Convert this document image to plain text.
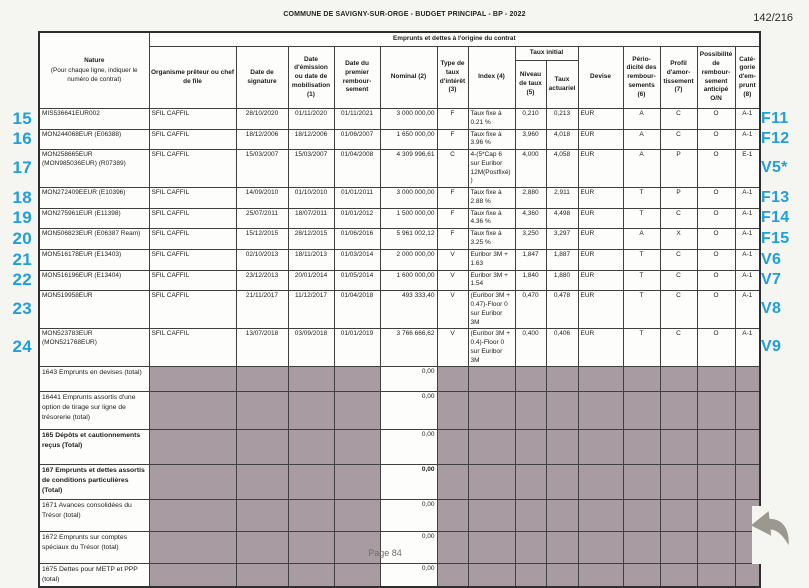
COMMUNE DE SAVIGNY-SUR-ORGE - BUDGET PRINCIPAL - BP - 2022	142/216
Nature
(Pour chaque ligne, indiquer le numéro de contrat)	Emprunts et dettes à l'origine du contrat													
	Organisme prêteur ou chef de file	Date de signature	Date d'émission ou date de mobilisation (1)	Date du premier rembour-sement	Nominal (2)	Type de taux d'intérêt (3)	Index (4)	Taux initial		Devise	Pério-dicité des rembour-sements (6)	Profil d'amor-tissement (7)	Possibilité de rembour-sement anticipé O/N	Caté-gorie d'em-prunt (8)
								Niveau de taux (5)	Taux actuariel					
MIS536641EUR002	SFIL CAFFIL	28/10/2020	01/11/2020	01/11/2021	3 000 000,00	F	Taux fixe à 0.21 %	0,210	0,213	EUR	A	C	O	A-1
MON244068EUR (E06388)	SFIL CAFFIL	18/12/2006	18/12/2006	01/06/2007	1 650 000,00	F	Taux fixe à 3.96 %	3,960	4,018	EUR	A	C	O	A-1
MON258665EUR (MON985036EUR) (R07389)	SFIL CAFFIL	15/03/2007	15/03/2007	01/04/2008	4 309 996,61	C	4-(5*Cap 6 sur Euribor 12M(Postfixé))	4,000	4,058	EUR	A	P	O	E-1
MON272409EEUR (E10396)	SFIL CAFFIL	14/09/2010	01/10/2010	01/01/2011	3 000 000,00	F	Taux fixe à 2.88 %	2,880	2,911	EUR	T	P	O	A-1
MON275961EUR (E11398)	SFIL CAFFIL	25/07/2011	18/07/2011	01/01/2012	1 500 000,00	F	Taux fixe à 4.36 %	4,360	4,498	EUR	T	C	O	A-1
MON506823EUR (E06387 Ream)	SFIL CAFFIL	15/12/2015	28/12/2015	01/06/2016	5 961 002,12	F	Taux fixe à 3.25 %	3,250	3,297	EUR	A	X	O	A-1
MON516178EUR (E13403)	SFIL CAFFIL	02/10/2013	18/11/2013	01/03/2014	2 000 000,00	V	Euribor 3M + 1.63	1,847	1,887	EUR	T	C	O	A-1
MON516196EUR (E13404)	SFIL CAFFIL	23/12/2013	20/01/2014	01/05/2014	1 600 000,00	V	Euribor 3M + 1.54	1,840	1,880	EUR	T	C	O	A-1
MON519958EUR	SFIL CAFFIL	21/11/2017	11/12/2017	01/04/2018	493 333,40	V	(Euribor 3M + 0.47)-Floor 0 sur Euribor 3M	0,470	0,478	EUR	T	C	O	A-1
MON523783EUR (MON521768EUR)	SFIL CAFFIL	13/07/2018	03/09/2018	01/01/2019	3 766 666,62	V	(Euribor 3M + 0.4)-Floor 0 sur Euribor 3M	0,400	0,406	EUR	T	C	O	A-1
1643 Emprunts en devises (total)					0,00									
16441 Emprunts assortis d'une option de tirage sur ligne de trésorerie (total)					0,00									
165 Dépôts et cautionnements reçus (Total)					0,00									
167 Emprunts et dettes assortis de conditions particulières (Total)					0,00									
1671 Avances consolidées du Trésor (total)					0,00									
1672 Emprunts sur comptes spéciaux du Trésor (total)					0,00									
1675 Dettes pour METP et PPP (total)					0,00									
15	F11
16	F12
17	V5*
18	F13
19	F14
20	F15
21	V6
22	V7
23	V8
24	V9
Page 84
